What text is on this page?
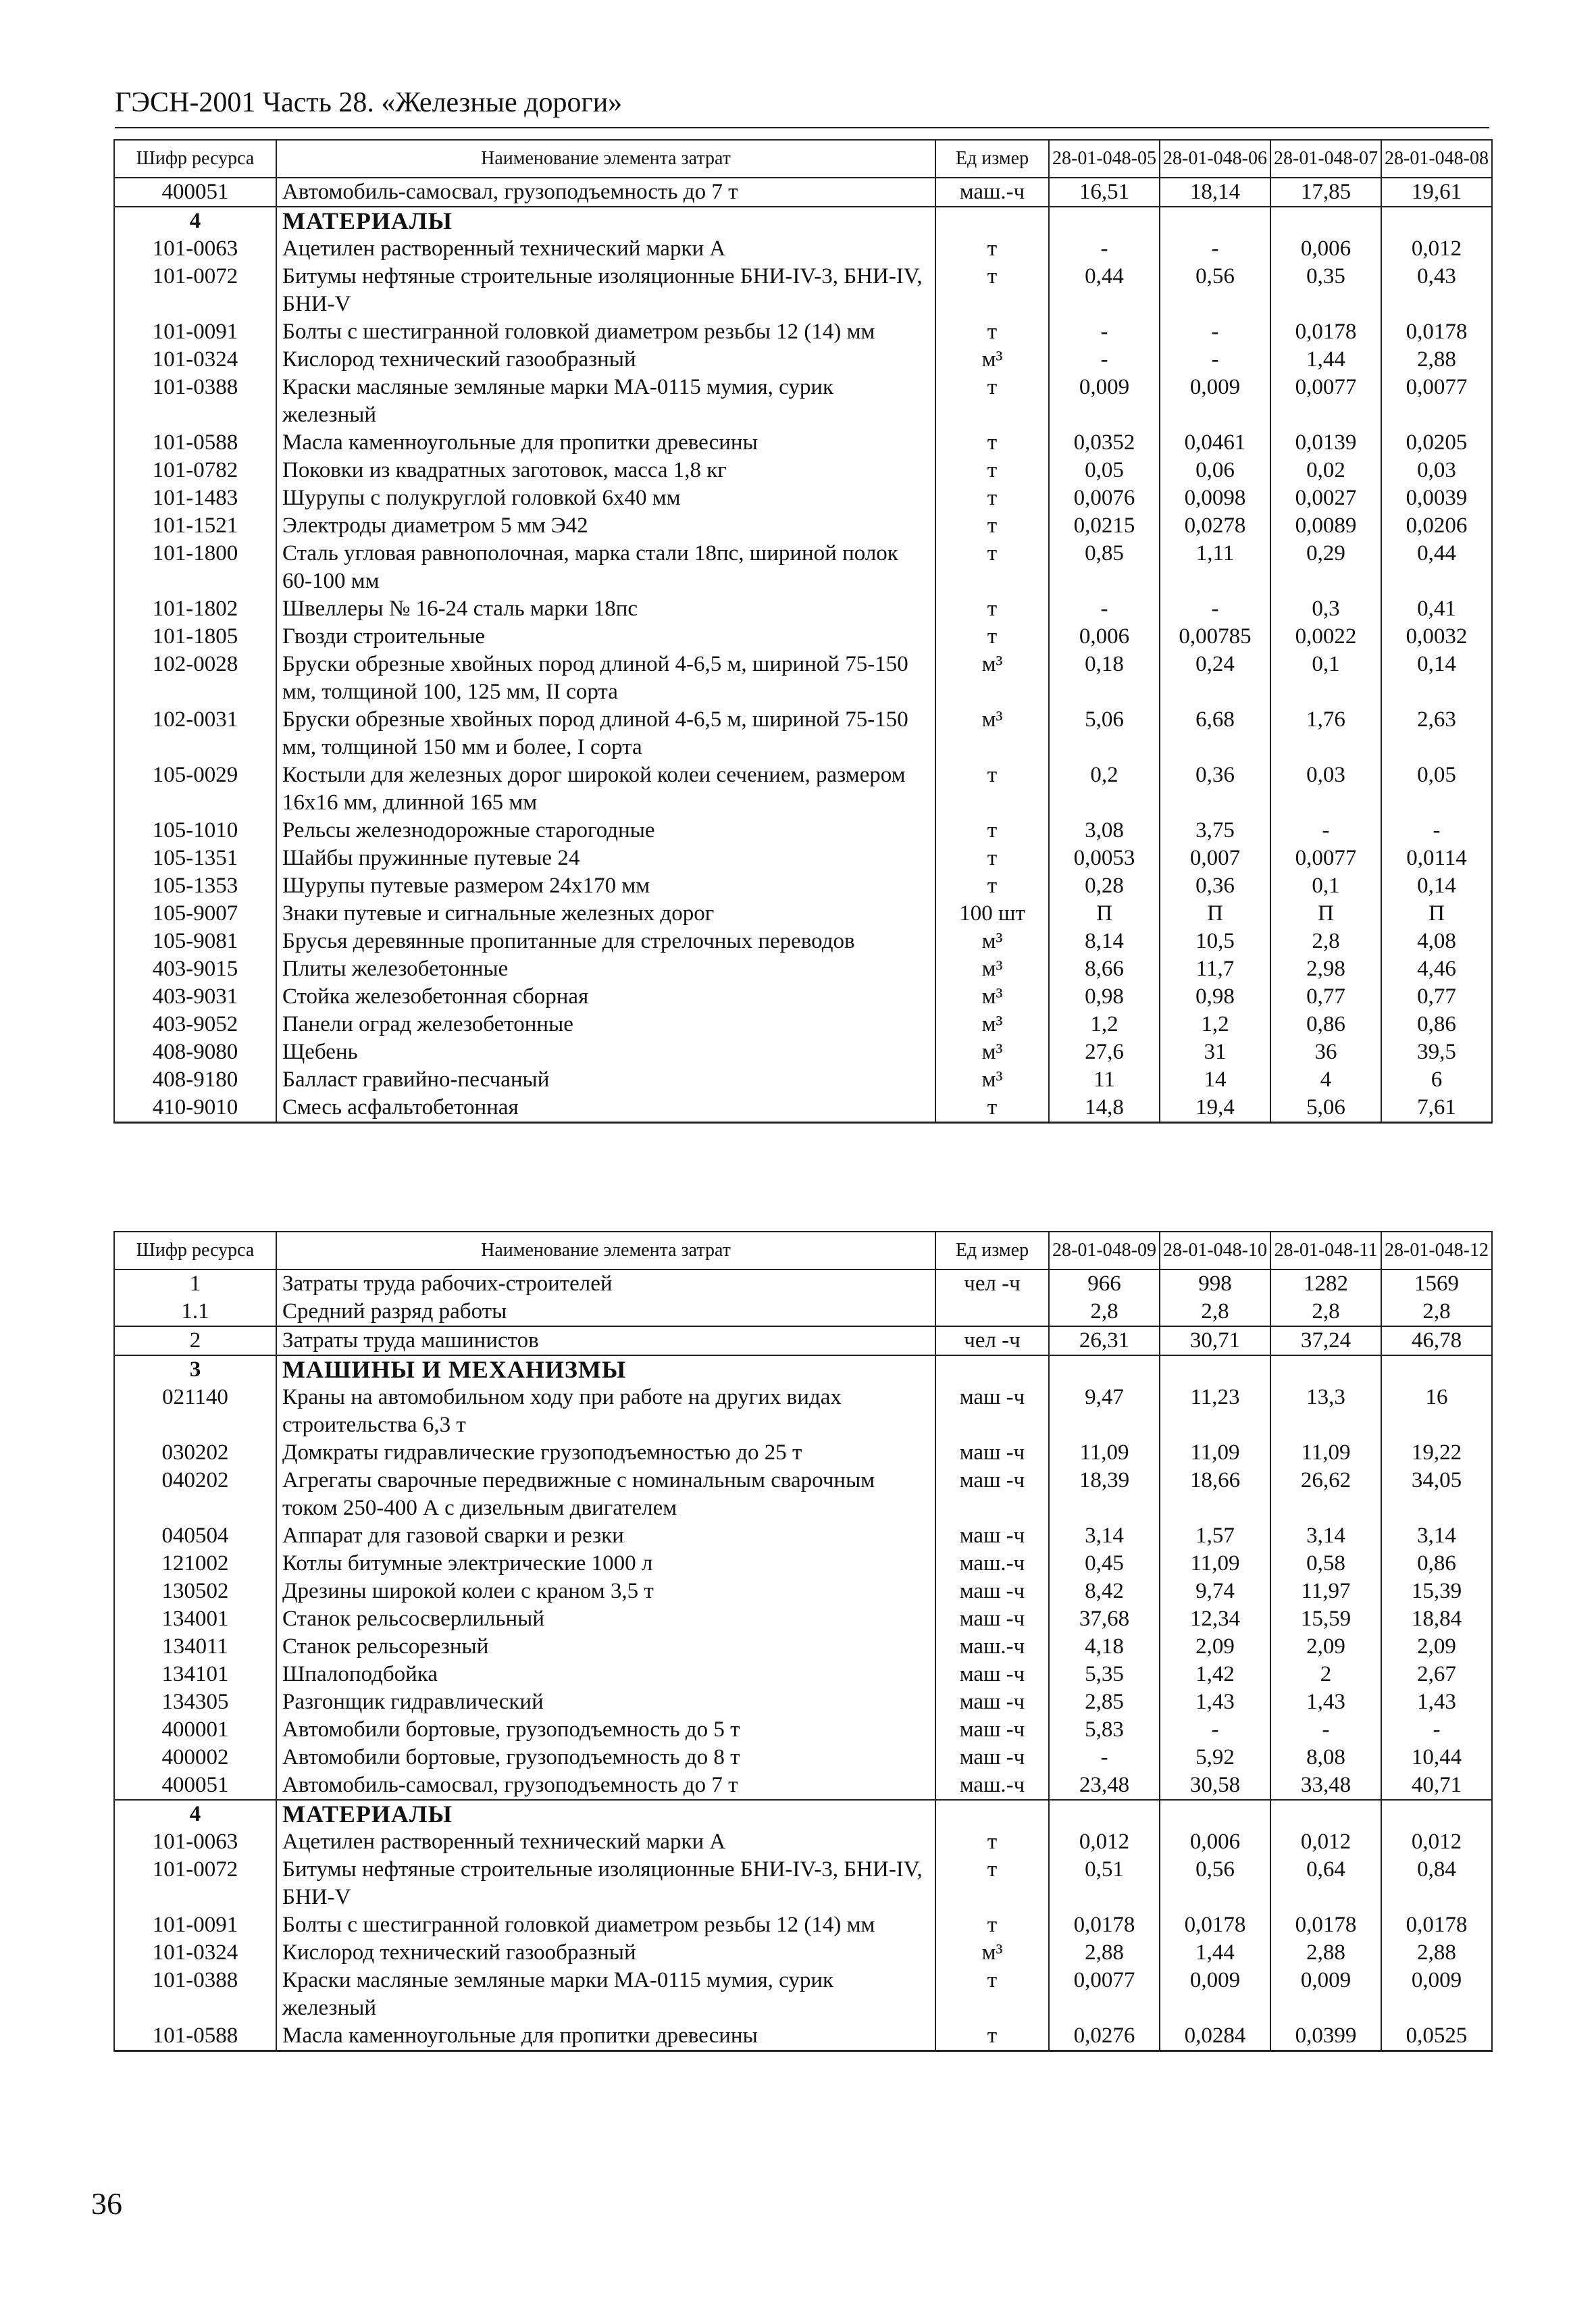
ГЭСН-2001 Часть 28. «Железные дороги»
Шифр ресурса	Наименование элемента затрат	Ед измер	28-01-048-05	28-01-048-06	28-01-048-07	28-01-048-08
400051	Автомобиль-самосвал, грузоподъемность до 7 т	маш.-ч	16,51	18,14	17,85	19,61
4	МАТЕРИАЛЫ					
101-0063	Ацетилен растворенный технический марки А	т	-	-	0,006	0,012
101-0072	Битумы нефтяные строительные изоляционные БНИ-IV-3, БНИ-IV, БНИ-V	т	0,44	0,56	0,35	0,43
101-0091	Болты с шестигранной головкой диаметром резьбы 12 (14) мм	т	-	-	0,0178	0,0178
101-0324	Кислород технический газообразный	м³	-	-	1,44	2,88
101-0388	Краски масляные земляные марки МА-0115 мумия, сурик железный	т	0,009	0,009	0,0077	0,0077
101-0588	Масла каменноугольные для пропитки древесины	т	0,0352	0,0461	0,0139	0,0205
101-0782	Поковки из квадратных заготовок, масса 1,8 кг	т	0,05	0,06	0,02	0,03
101-1483	Шурупы с полукруглой головкой 6х40 мм	т	0,0076	0,0098	0,0027	0,0039
101-1521	Электроды диаметром 5 мм Э42	т	0,0215	0,0278	0,0089	0,0206
101-1800	Сталь угловая равнополочная, марка стали 18пс, шириной полок 60-100 мм	т	0,85	1,11	0,29	0,44
101-1802	Швеллеры № 16-24 сталь марки 18пс	т	-	-	0,3	0,41
101-1805	Гвозди строительные	т	0,006	0,00785	0,0022	0,0032
102-0028	Бруски обрезные хвойных пород длиной 4-6,5 м, шириной 75-150 мм, толщиной 100, 125 мм, II сорта	м³	0,18	0,24	0,1	0,14
102-0031	Бруски обрезные хвойных пород длиной 4-6,5 м, шириной 75-150 мм, толщиной 150 мм и более, I сорта	м³	5,06	6,68	1,76	2,63
105-0029	Костыли для железных дорог широкой колеи сечением, размером 16х16 мм, длинной 165 мм	т	0,2	0,36	0,03	0,05
105-1010	Рельсы железнодорожные старогодные	т	3,08	3,75	-	-
105-1351	Шайбы пружинные путевые 24	т	0,0053	0,007	0,0077	0,0114
105-1353	Шурупы путевые размером 24х170 мм	т	0,28	0,36	0,1	0,14
105-9007	Знаки путевые и сигнальные железных дорог	100 шт	П	П	П	П
105-9081	Брусья деревянные пропитанные для стрелочных переводов	м³	8,14	10,5	2,8	4,08
403-9015	Плиты железобетонные	м³	8,66	11,7	2,98	4,46
403-9031	Стойка железобетонная сборная	м³	0,98	0,98	0,77	0,77
403-9052	Панели оград железобетонные	м³	1,2	1,2	0,86	0,86
408-9080	Щебень	м³	27,6	31	36	39,5
408-9180	Балласт гравийно-песчаный	м³	11	14	4	6
410-9010	Смесь асфальтобетонная	т	14,8	19,4	5,06	7,61
Шифр ресурса	Наименование элемента затрат	Ед измер	28-01-048-09	28-01-048-10	28-01-048-11	28-01-048-12
1	Затраты труда рабочих-строителей	чел -ч	966	998	1282	1569
1.1	Средний разряд работы		2,8	2,8	2,8	2,8
2	Затраты труда машинистов	чел -ч	26,31	30,71	37,24	46,78
3	МАШИНЫ И МЕХАНИЗМЫ					
021140	Краны на автомобильном ходу при работе на других видах строительства 6,3 т	маш -ч	9,47	11,23	13,3	16
030202	Домкраты гидравлические грузоподъемностью до 25 т	маш -ч	11,09	11,09	11,09	19,22
040202	Агрегаты сварочные передвижные с номинальным сварочным током 250-400 А с дизельным двигателем	маш -ч	18,39	18,66	26,62	34,05
040504	Аппарат для газовой сварки и резки	маш -ч	3,14	1,57	3,14	3,14
121002	Котлы битумные электрические 1000 л	маш.-ч	0,45	11,09	0,58	0,86
130502	Дрезины широкой колеи с краном 3,5 т	маш -ч	8,42	9,74	11,97	15,39
134001	Станок рельсосверлильный	маш -ч	37,68	12,34	15,59	18,84
134011	Станок рельсорезный	маш.-ч	4,18	2,09	2,09	2,09
134101	Шпалоподбойка	маш -ч	5,35	1,42	2	2,67
134305	Разгонщик гидравлический	маш -ч	2,85	1,43	1,43	1,43
400001	Автомобили бортовые, грузоподъемность до 5 т	маш -ч	5,83	-	-	-
400002	Автомобили бортовые, грузоподъемность до 8 т	маш -ч	-	5,92	8,08	10,44
400051	Автомобиль-самосвал, грузоподъемность до 7 т	маш.-ч	23,48	30,58	33,48	40,71
4	МАТЕРИАЛЫ					
101-0063	Ацетилен растворенный технический марки А	т	0,012	0,006	0,012	0,012
101-0072	Битумы нефтяные строительные изоляционные БНИ-IV-3, БНИ-IV, БНИ-V	т	0,51	0,56	0,64	0,84
101-0091	Болты с шестигранной головкой диаметром резьбы 12 (14) мм	т	0,0178	0,0178	0,0178	0,0178
101-0324	Кислород технический газообразный	м³	2,88	1,44	2,88	2,88
101-0388	Краски масляные земляные марки МА-0115 мумия, сурик железный	т	0,0077	0,009	0,009	0,009
101-0588	Масла каменноугольные для пропитки древесины	т	0,0276	0,0284	0,0399	0,0525
36
